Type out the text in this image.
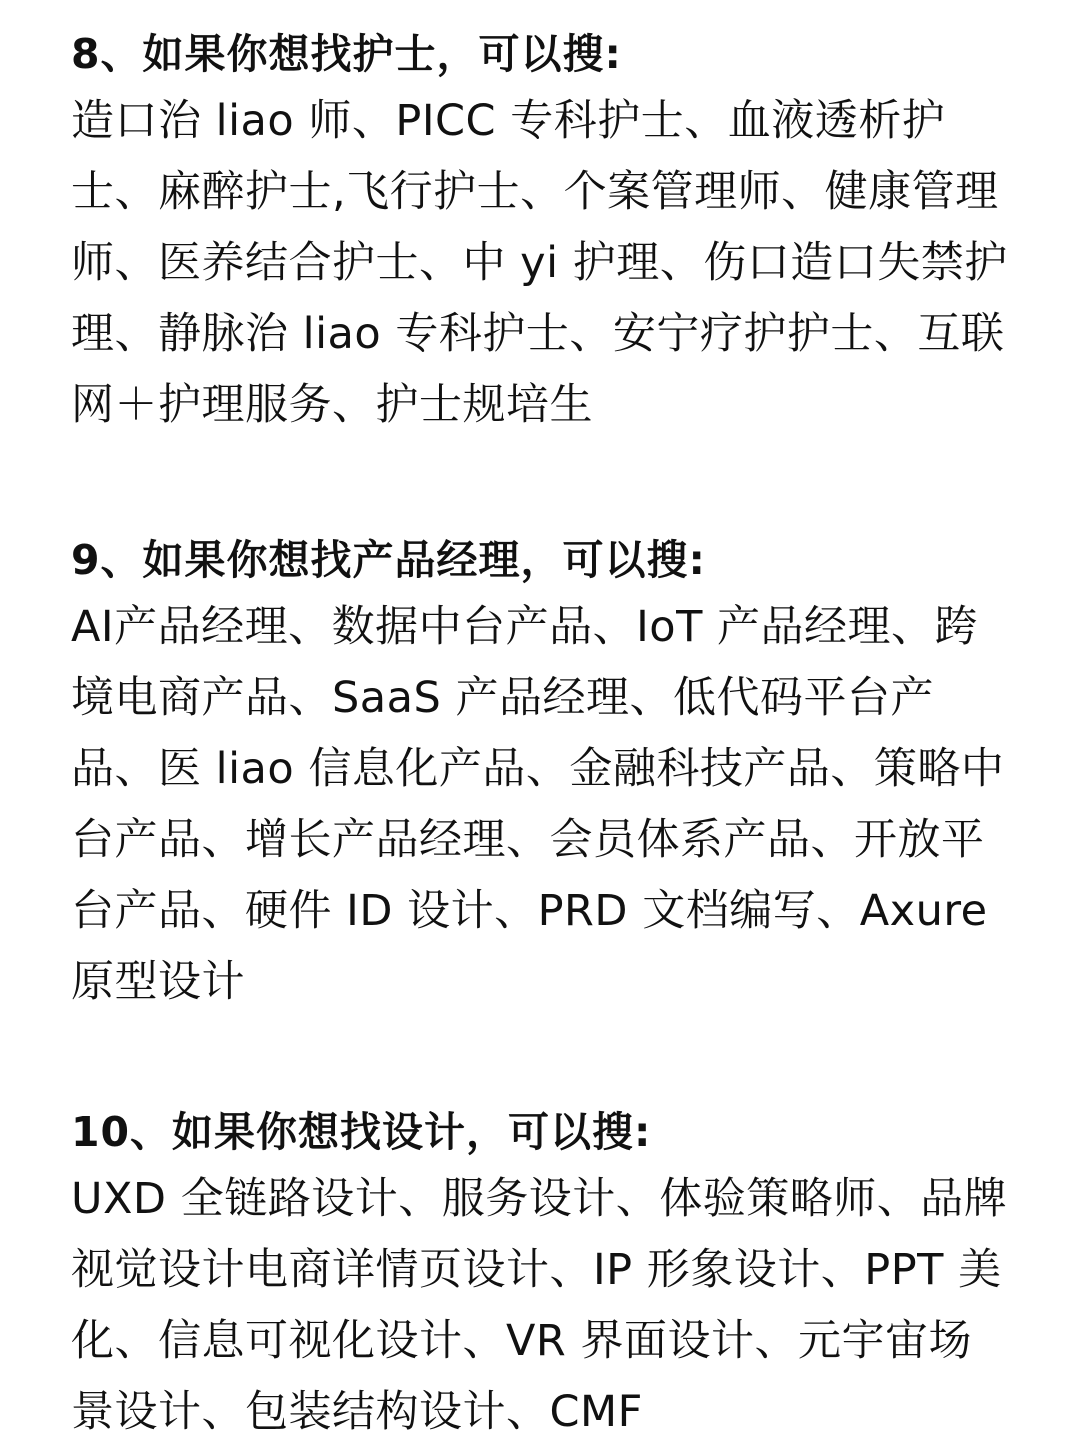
8、如果你想找护士，可以搜:

造口治 liao 师、PICC 专科护士、血液透析护士、麻醉护士,飞行护士、个案管理师、健康管理师、医养结合护士、中 yi 护理、伤口造口失禁护理、静脉治 liao 专科护士、安宁疗护护士、互联网＋护理服务、护士规培生

9、如果你想找产品经理，可以搜:

AI产品经理、数据中台产品、IoT 产品经理、跨境电商产品、SaaS 产品经理、低代码平台产品、医 liao 信息化产品、金融科技产品、策略中台产品、增长产品经理、会员体系产品、开放平台产品、硬件 ID 设计、PRD 文档编写、Axure 原型设计

10、如果你想找设计，可以搜:

UXD 全链路设计、服务设计、体验策略师、品牌视觉设计电商详情页设计、IP 形象设计、PPT 美化、信息可视化设计、VR 界面设计、元宇宙场景设计、包装结构设计、CMF
